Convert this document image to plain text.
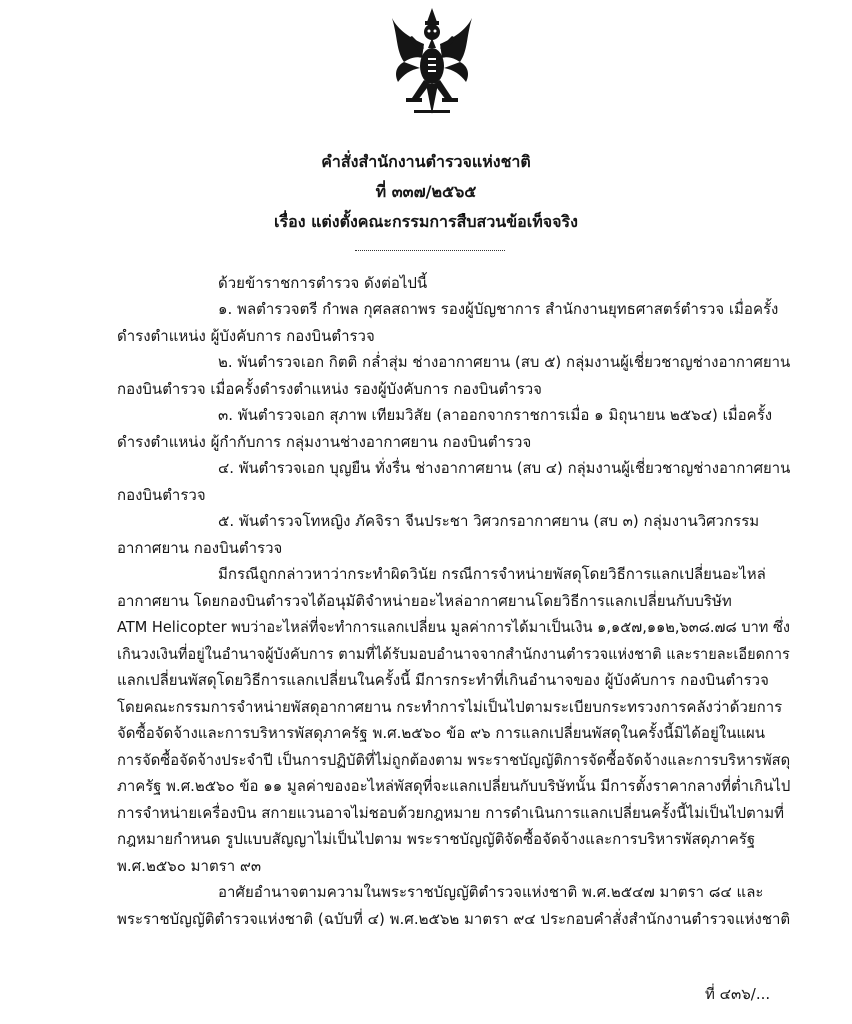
คำสั่งสำนักงานตำรวจแห่งชาติ
ที่ ๓๓๗/๒๕๖๕
เรื่อง แต่งตั้งคณะกรรมการสืบสวนข้อเท็จจริง
ด้วยข้าราชการตำรวจ ดังต่อไปนี้
๑. พลตำรวจตรี กำพล กุศลสถาพร รองผู้บัญชาการ สำนักงานยุทธศาสตร์ตำรวจ เมื่อครั้ง
ดำรงตำแหน่ง ผู้บังคับการ กองบินตำรวจ
๒. พันตำรวจเอก กิตติ กล่ำสุ่ม ช่างอากาศยาน (สบ ๕) กลุ่มงานผู้เชี่ยวชาญช่างอากาศยาน
กองบินตำรวจ เมื่อครั้งดำรงตำแหน่ง รองผู้บังคับการ กองบินตำรวจ
๓. พันตำรวจเอก สุภาพ เทียมวิสัย (ลาออกจากราชการเมื่อ ๑ มิถุนายน ๒๕๖๔) เมื่อครั้ง
ดำรงตำแหน่ง ผู้กำกับการ กลุ่มงานช่างอากาศยาน กองบินตำรวจ
๔. พันตำรวจเอก บุญยืน ทั่งรื่น ช่างอากาศยาน (สบ ๔) กลุ่มงานผู้เชี่ยวชาญช่างอากาศยาน
กองบินตำรวจ
๕. พันตำรวจโทหญิง ภัคจิรา จีนประชา วิศวกรอากาศยาน (สบ ๓) กลุ่มงานวิศวกรรม
อากาศยาน กองบินตำรวจ
มีกรณีถูกกล่าวหาว่ากระทำผิดวินัย กรณีการจำหน่ายพัสดุโดยวิธีการแลกเปลี่ยนอะไหล่
อากาศยาน โดยกองบินตำรวจได้อนุมัติจำหน่ายอะไหล่อากาศยานโดยวิธีการแลกเปลี่ยนกับบริษัท
ATM Helicopter พบว่าอะไหล่ที่จะทำการแลกเปลี่ยน มูลค่าการได้มาเป็นเงิน ๑,๑๕๗,๑๑๒,๖๓๘.๗๘ บาท ซึ่ง
เกินวงเงินที่อยู่ในอำนาจผู้บังคับการ ตามที่ได้รับมอบอำนาจจากสำนักงานตำรวจแห่งชาติ และรายละเอียดการ
แลกเปลี่ยนพัสดุโดยวิธีการแลกเปลี่ยนในครั้งนี้ มีการกระทำที่เกินอำนาจของ ผู้บังคับการ กองบินตำรวจ
โดยคณะกรรมการจำหน่ายพัสดุอากาศยาน กระทำการไม่เป็นไปตามระเบียบกระทรวงการคลังว่าด้วยการ
จัดซื้อจัดจ้างและการบริหารพัสดุภาครัฐ พ.ศ.๒๕๖๐ ข้อ ๙๖ การแลกเปลี่ยนพัสดุในครั้งนี้มิได้อยู่ในแผน
การจัดซื้อจัดจ้างประจำปี เป็นการปฏิบัติที่ไม่ถูกต้องตาม พระราชบัญญัติการจัดซื้อจัดจ้างและการบริหารพัสดุ
ภาครัฐ พ.ศ.๒๕๖๐ ข้อ ๑๑ มูลค่าของอะไหล่พัสดุที่จะแลกเปลี่ยนกับบริษัทนั้น มีการตั้งราคากลางที่ต่ำเกินไป
การจำหน่ายเครื่องบิน สกายแวนอาจไม่ชอบด้วยกฎหมาย การดำเนินการแลกเปลี่ยนครั้งนี้ไม่เป็นไปตามที่
กฎหมายกำหนด รูปแบบสัญญาไม่เป็นไปตาม พระราชบัญญัติจัดซื้อจัดจ้างและการบริหารพัสดุภาครัฐ
พ.ศ.๒๕๖๐ มาตรา ๙๓
อาศัยอำนาจตามความในพระราชบัญญัติตำรวจแห่งชาติ พ.ศ.๒๕๔๗ มาตรา ๘๔ และ
พระราชบัญญัติตำรวจแห่งชาติ (ฉบับที่ ๔) พ.ศ.๒๕๖๒ มาตรา ๙๔ ประกอบคำสั่งสำนักงานตำรวจแห่งชาติ
ที่ ๔๓๖/...
